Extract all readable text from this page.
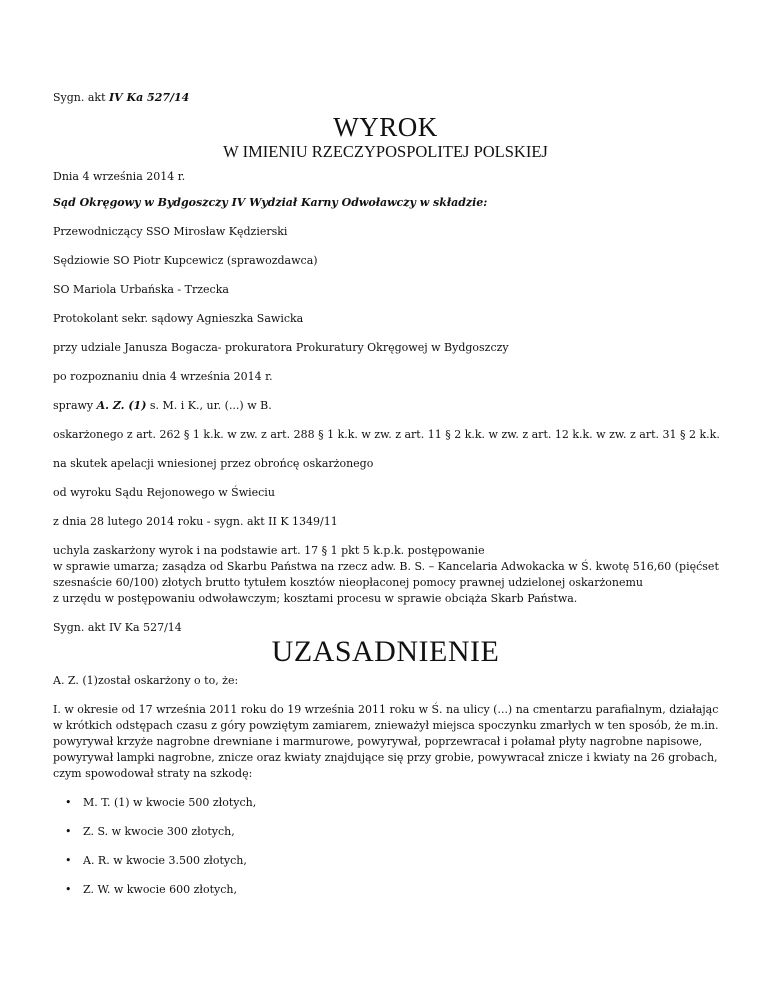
Sygn. akt IV Ka 527/14
WYROK
W IMIENIU RZECZYPOSPOLITEJ POLSKIEJ
Dnia 4 września 2014 r.
Sąd Okręgowy w Bydgoszczy IV Wydział Karny Odwoławczy w składzie:
Przewodniczący SSO Mirosław Kędzierski
Sędziowie SO Piotr Kupcewicz (sprawozdawca)
SO Mariola Urbańska - Trzecka
Protokolant sekr. sądowy Agnieszka Sawicka
przy udziale Janusza Bogacza- prokuratora Prokuratury Okręgowej w Bydgoszczy
po rozpoznaniu dnia 4 września 2014 r.
sprawy A. Z. (1) s. M. i K., ur. (...) w B.
oskarżonego z art. 262 § 1 k.k. w zw. z art. 288 § 1 k.k. w zw. z art. 11 § 2 k.k. w zw. z art. 12 k.k. w zw. z art. 31 § 2 k.k.
na skutek apelacji wniesionej przez obrońcę oskarżonego
od wyroku Sądu Rejonowego w Świeciu
z dnia 28 lutego 2014 roku - sygn. akt II K 1349/11
uchyla zaskarżony wyrok i na podstawie art. 17 § 1 pkt 5 k.p.k. postępowanie
w sprawie umarza; zasądza od Skarbu Państwa na rzecz adw. B. S. – Kancelaria Adwokacka w Ś. kwotę 516,60 (pięćset
szesnaście 60/100) złotych brutto tytułem kosztów nieopłaconej pomocy prawnej udzielonej oskarżonemu
z urzędu w postępowaniu odwoławczym; kosztami procesu w sprawie obciąża Skarb Państwa.
Sygn. akt IV Ka 527/14
UZASADNIENIE
A. Z. (1)został oskarżony o to, że:
I. w okresie od 17 września 2011 roku do 19 września 2011 roku w Ś. na ulicy (...) na cmentarzu parafialnym, działając
w krótkich odstępach czasu z góry powziętym zamiarem, znieważył miejsca spoczynku zmarłych w ten sposób, że m.in.
powyrywał krzyże nagrobne drewniane i marmurowe, powyrywał, poprzewracał i połamał płyty nagrobne napisowe,
powyrywał lampki nagrobne, znicze oraz kwiaty znajdujące się przy grobie, powywracał znicze i kwiaty na 26 grobach,
czym spowodował straty na szkodę:
• M. T. (1) w kwocie 500 złotych,
• Z. S. w kwocie 300 złotych,
• A. R. w kwocie 3.500 złotych,
• Z. W. w kwocie 600 złotych,
